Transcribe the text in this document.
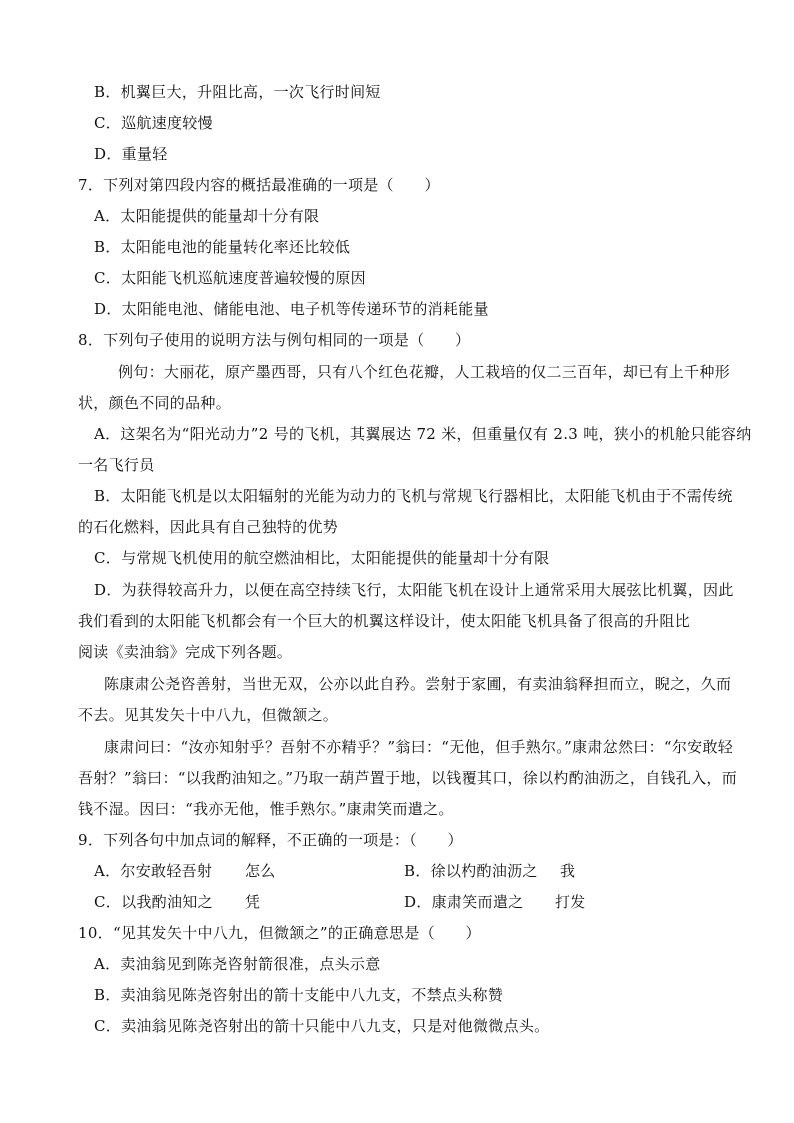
B．机翼巨大，升阻比高，一次飞行时间短
C．巡航速度较慢
D．重量轻
7．下列对第四段内容的概括最准确的一项是（　　）
A．太阳能提供的能量却十分有限
B．太阳能电池的能量转化率还比较低
C．太阳能飞机巡航速度普遍较慢的原因
D．太阳能电池、储能电池、电子机等传递环节的消耗能量
8．下列句子使用的说明方法与例句相同的一项是（　　）
例句：大丽花，原产墨西哥，只有八个红色花瓣，人工栽培的仅二三百年，却已有上千种形
状，颜色不同的品种。
A．这架名为“阳光动力”2 号的飞机，其翼展达 72 米，但重量仅有 2.3 吨，狭小的机舱只能容纳
一名飞行员
B．太阳能飞机是以太阳辐射的光能为动力的飞机与常规飞行器相比，太阳能飞机由于不需传统
的石化燃料，因此具有自己独特的优势
C．与常规飞机使用的航空燃油相比，太阳能提供的能量却十分有限
D．为获得较高升力，以便在高空持续飞行，太阳能飞机在设计上通常采用大展弦比机翼，因此
我们看到的太阳能飞机都会有一个巨大的机翼这样设计，使太阳能飞机具备了很高的升阻比
阅读《卖油翁》完成下列各题。
陈康肃公尧咨善射，当世无双，公亦以此自矜。尝射于家圃，有卖油翁释担而立，睨之，久而
不去。见其发矢十中八九，但微颔之。
康肃问曰：“汝亦知射乎？吾射不亦精乎？”翁曰：“无他，但手熟尔。”康肃忿然曰：“尔安敢轻
吾射？”翁曰：“以我酌油知之。”乃取一葫芦置于地，以钱覆其口，徐以杓酌油沥之，自钱孔入，而
钱不湿。因曰：“我亦无他，惟手熟尔。”康肃笑而遣之。
9．下列各句中加点词的解释，不正确的一项是：（　　）
A．尔安敢轻吾射 怎么	B．徐以杓酌油沥之 我
C．以我酌油知之 凭	D．康肃笑而遣之 打发
10．“见其发矢十中八九，但微颔之”的正确意思是（　　）
A．卖油翁见到陈尧咨射箭很准，点头示意
B．卖油翁见陈尧咨射出的箭十支能中八九支，不禁点头称赞
C．卖油翁见陈尧咨射出的箭十只能中八九支，只是对他微微点头。
